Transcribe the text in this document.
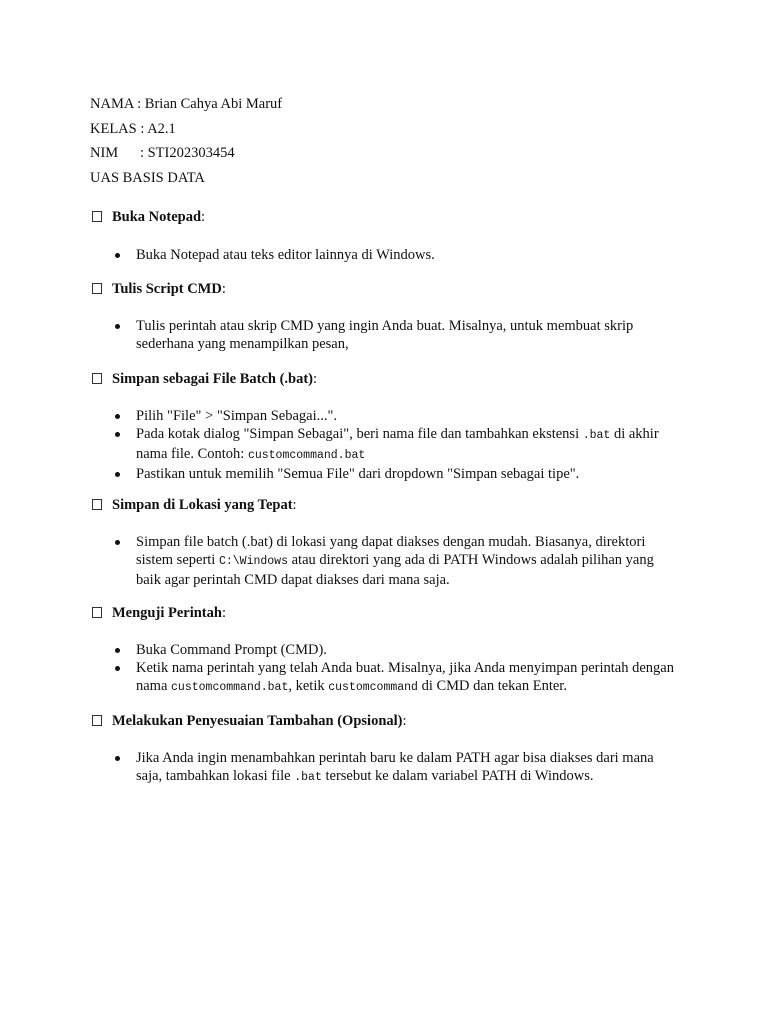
NAMA : Brian Cahya Abi Maruf
KELAS : A2.1
NIM      : STI202303454
UAS BASIS DATA
Buka Notepad:
Buka Notepad atau teks editor lainnya di Windows.
Tulis Script CMD:
Tulis perintah atau skrip CMD yang ingin Anda buat. Misalnya, untuk membuat skrip sederhana yang menampilkan pesan,
Simpan sebagai File Batch (.bat):
Pilih "File" > "Simpan Sebagai...".
Pada kotak dialog "Simpan Sebagai", beri nama file dan tambahkan ekstensi .bat di akhir nama file. Contoh: customcommand.bat
Pastikan untuk memilih "Semua File" dari dropdown "Simpan sebagai tipe".
Simpan di Lokasi yang Tepat:
Simpan file batch (.bat) di lokasi yang dapat diakses dengan mudah. Biasanya, direktori sistem seperti C:\Windows atau direktori yang ada di PATH Windows adalah pilihan yang baik agar perintah CMD dapat diakses dari mana saja.
Menguji Perintah:
Buka Command Prompt (CMD).
Ketik nama perintah yang telah Anda buat. Misalnya, jika Anda menyimpan perintah dengan nama customcommand.bat, ketik customcommand di CMD dan tekan Enter.
Melakukan Penyesuaian Tambahan (Opsional):
Jika Anda ingin menambahkan perintah baru ke dalam PATH agar bisa diakses dari mana saja, tambahkan lokasi file .bat tersebut ke dalam variabel PATH di Windows.
